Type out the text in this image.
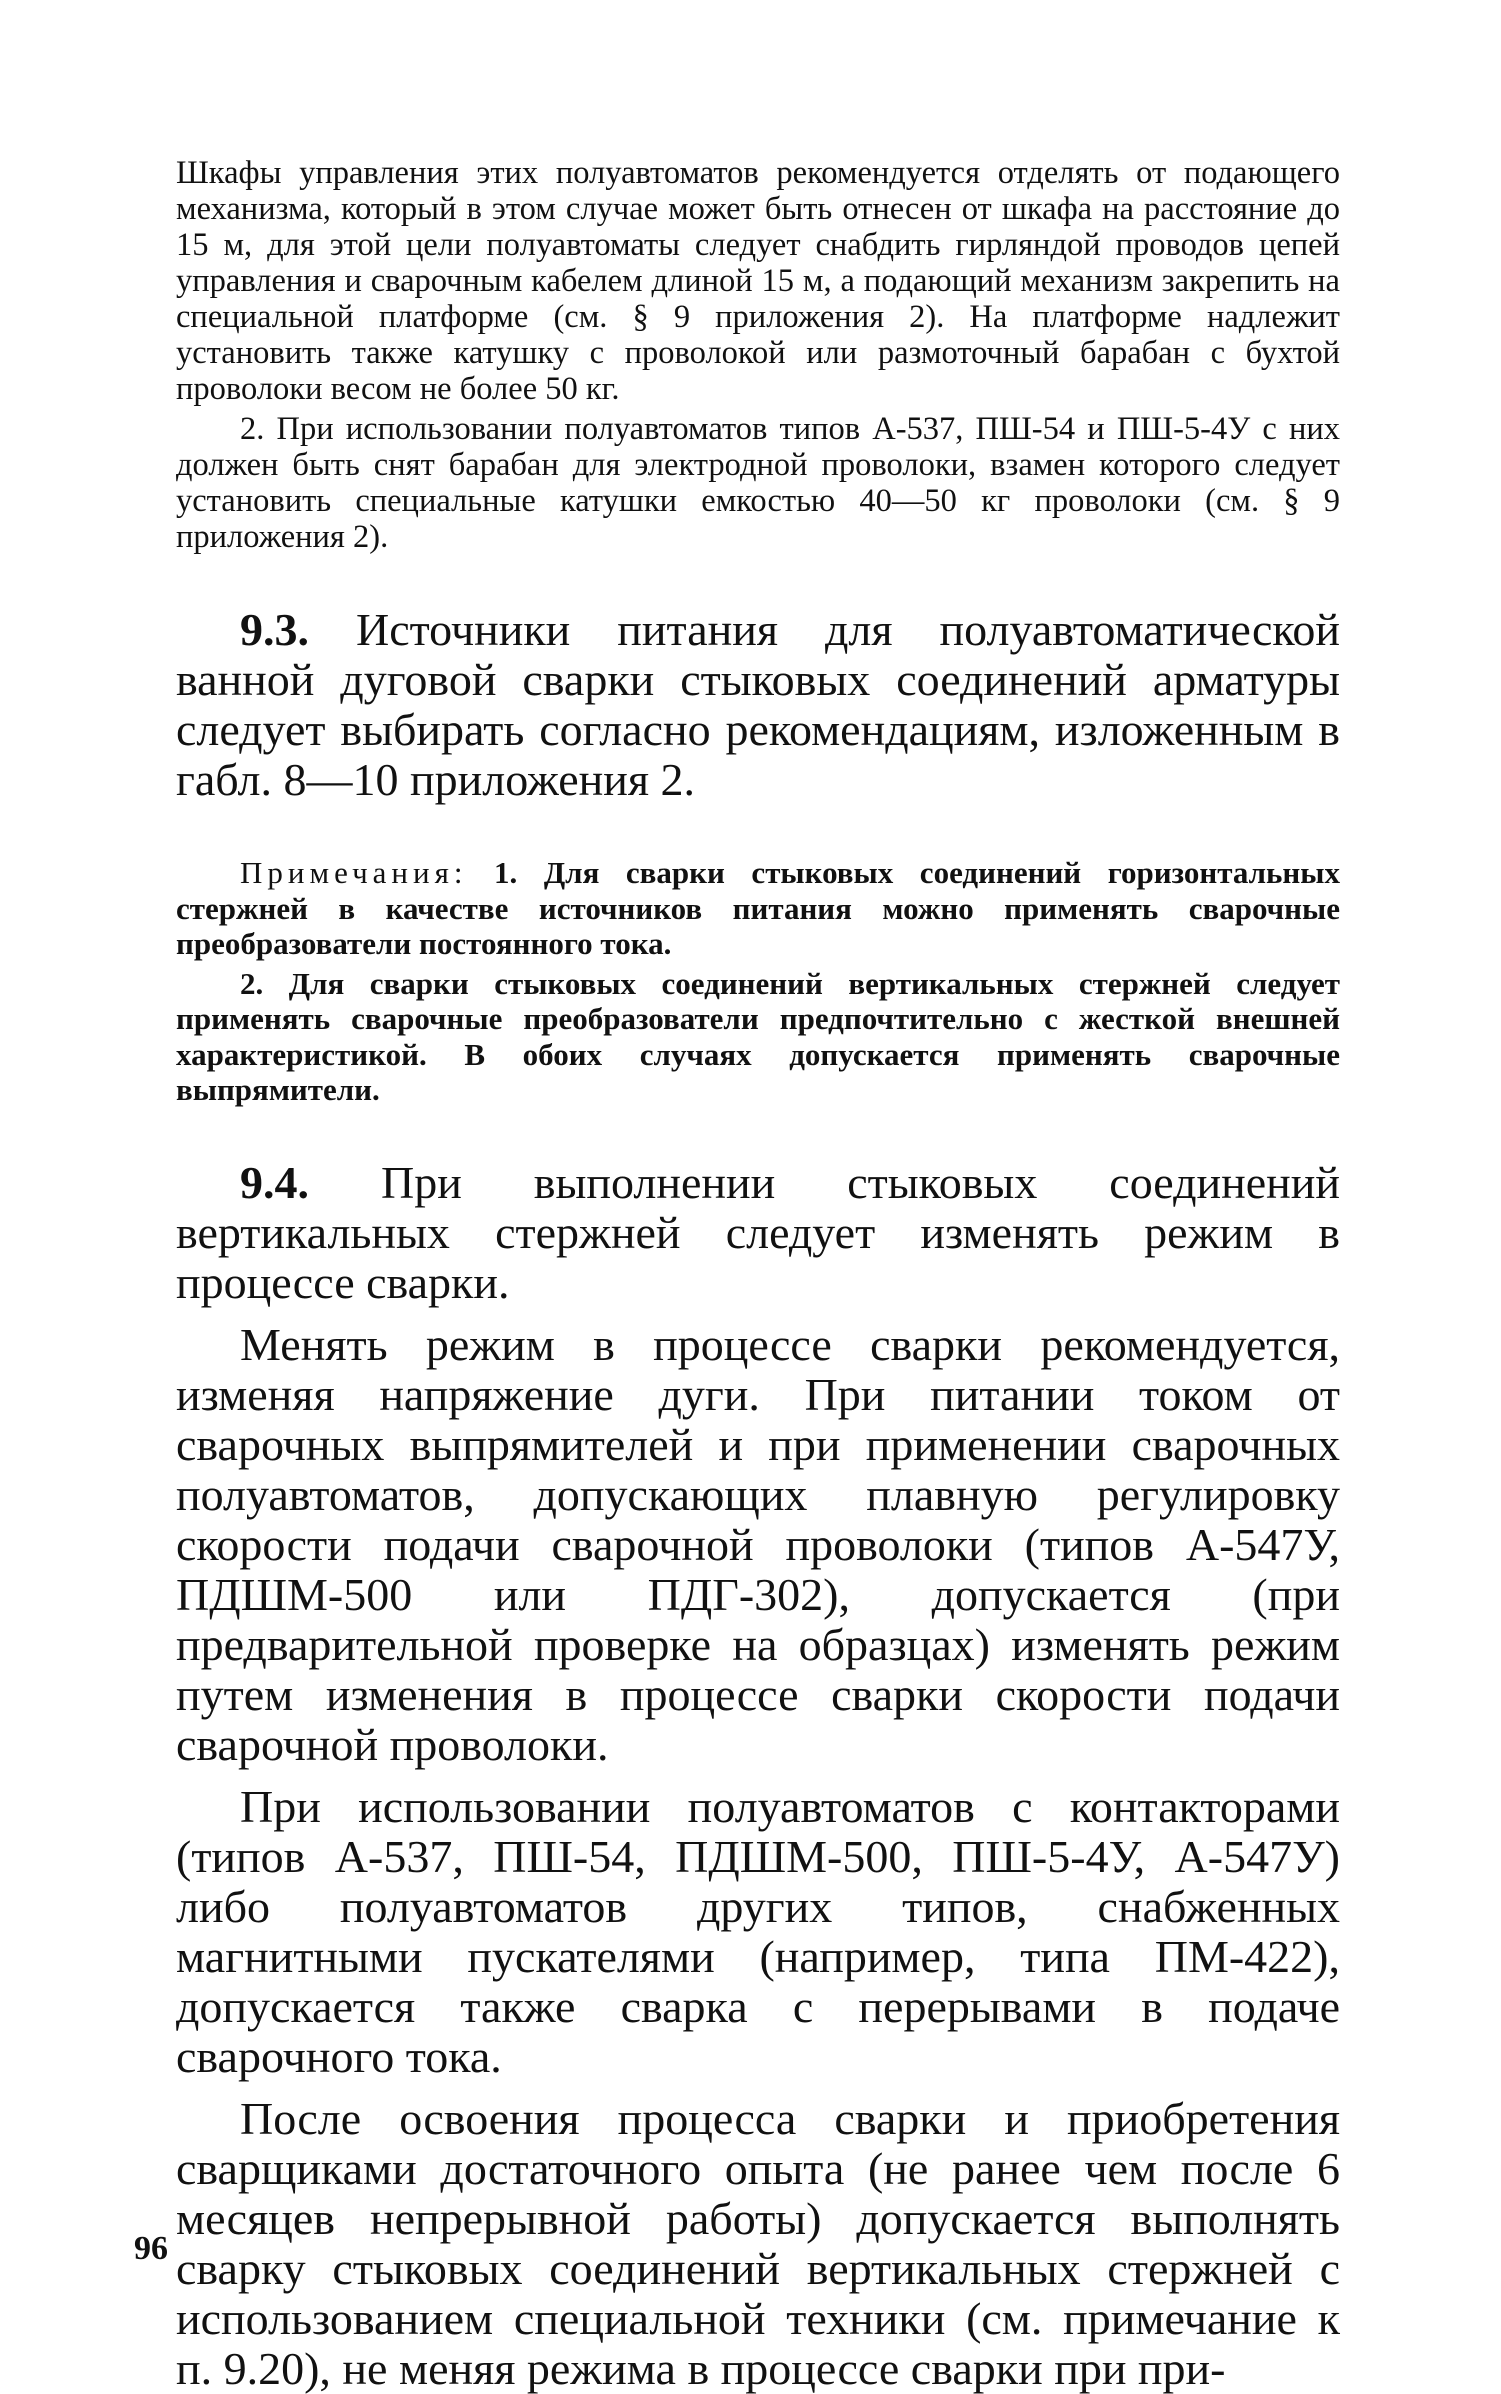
Шкафы управления этих полуавтоматов рекомендуется отделять от подающего механизма, который в этом случае может быть отнесен от шкафа на расстояние до 15 м, для этой цели полуавтоматы следует снабдить гирляндой проводов цепей управления и сварочным кабелем длиной 15 м, а подающий механизм закрепить на специальной платформе (см. § 9 приложения 2). На платформе надлежит установить также катушку с проволокой или размоточный барабан с бухтой проволоки весом не более 50 кг.

2. При использовании полуавтоматов типов А-537, ПШ-54 и ПШ-5-4У с них должен быть снят барабан для электродной проволоки, взамен которого следует установить специальные катушки емкостью 40—50 кг проволоки (см. § 9 приложения 2).

9.3. Источники питания для полуавтоматической ванной дуговой сварки стыковых соединений арматуры следует выбирать согласно рекомендациям, изложенным в габл. 8—10 приложения 2.

Примечания: 1. Для сварки стыковых соединений горизонтальных стержней в качестве источников питания можно применять сварочные преобразователи постоянного тока.

2. Для сварки стыковых соединений вертикальных стержней следует применять сварочные преобразователи предпочтительно с жесткой внешней характеристикой. В обоих случаях допускается применять сварочные выпрямители.

9.4. При выполнении стыковых соединений вертикальных стержней следует изменять режим в процессе сварки.

Менять режим в процессе сварки рекомендуется, изменяя напряжение дуги. При питании током от сварочных выпрямителей и при применении сварочных полуавтоматов, допускающих плавную регулировку скорости подачи сварочной проволоки (типов А-547У, ПДШМ-500 или ПДГ-302), допускается (при предварительной проверке на образцах) изменять режим путем изменения в процессе сварки скорости подачи сварочной проволоки.

При использовании полуавтоматов с контакторами (типов А-537, ПШ-54, ПДШМ-500, ПШ-5-4У, А-547У) либо полуавтоматов других типов, снабженных магнитными пускателями (например, типа ПМ-422), допускается также сварка с перерывами в подаче сварочного тока.

После освоения процесса сварки и приобретения сварщиками достаточного опыта (не ранее чем после 6 месяцев непрерывной работы) допускается выполнять сварку стыковых соединений вертикальных стержней с использованием специальной техники (см. примечание к п. 9.20), не меняя режима в процессе сварки при при-

96
